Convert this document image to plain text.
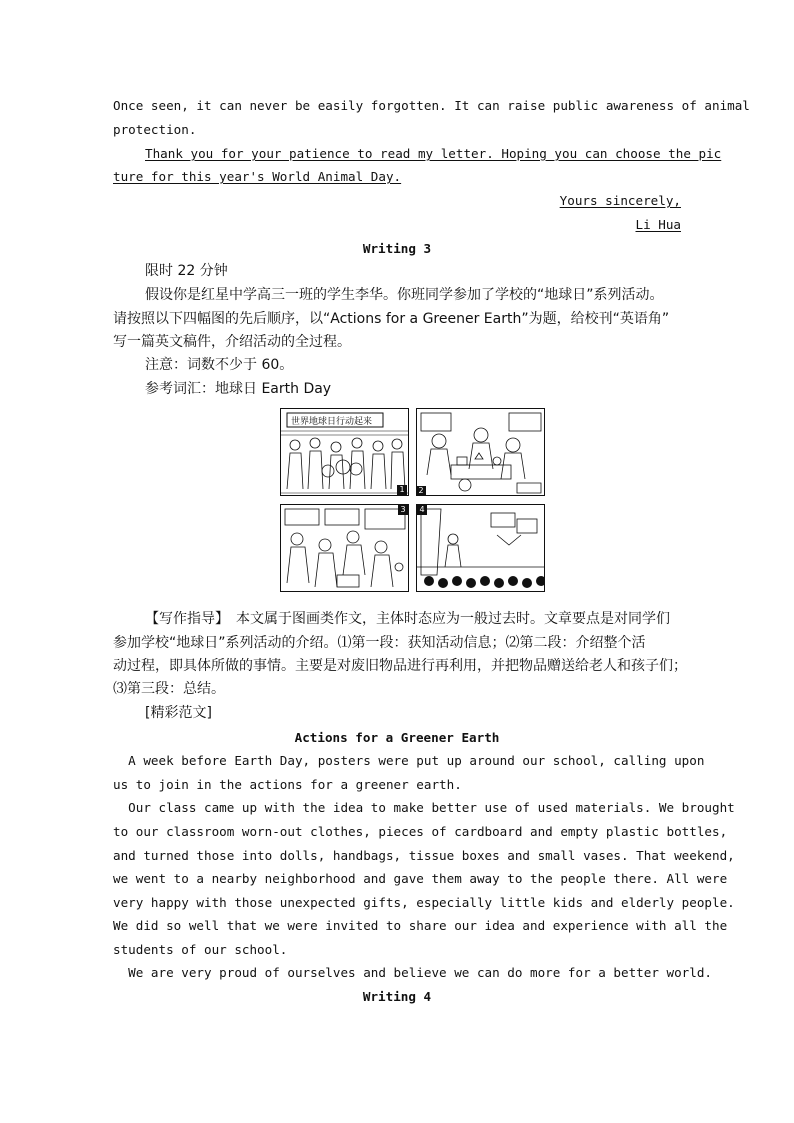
Once seen, it can never be easily forgotten. It can raise public awareness of animal
protection.
Thank you for your patience to read my letter. Hoping you can choose the pic
ture for this year's World Animal Day.
Yours sincerely,
Li Hua
Writing 3
限时 22 分钟
假设你是红星中学高三一班的学生李华。你班同学参加了学校的“地球日”系列活动。
请按照以下四幅图的先后顺序，以“Actions for a Greener Earth”为题，给校刊“英语角”
写一篇英文稿件，介绍活动的全过程。
注意：词数不少于 60。
参考词汇：地球日 Earth Day
世界地球日行动起来
2
1
3	4
【写作指导】　本文属于图画类作文，主体时态应为一般过去时。文章要点是对同学们
参加学校“地球日”系列活动的介绍。⑴第一段：获知活动信息；⑵第二段：介绍整个活
动过程，即具体所做的事情。主要是对废旧物品进行再利用，并把物品赠送给老人和孩子们；
⑶第三段：总结。
[精彩范文]
Actions for a Greener Earth
A week before Earth Day, posters were put up around our school, calling upon
us to join in the actions for a greener earth.
Our class came up with the idea to make better use of used materials. We brought
to our classroom worn-out clothes, pieces of cardboard and empty plastic bottles,
and turned those into dolls, handbags, tissue boxes and small vases. That weekend,
we went to a nearby neighborhood and gave them away to the people there. All were
very happy with those unexpected gifts, especially little kids and elderly people.
We did so well that we were invited to share our idea and experience with all the
students of our school.
We are very proud of ourselves and believe we can do more for a better world.
Writing 4
